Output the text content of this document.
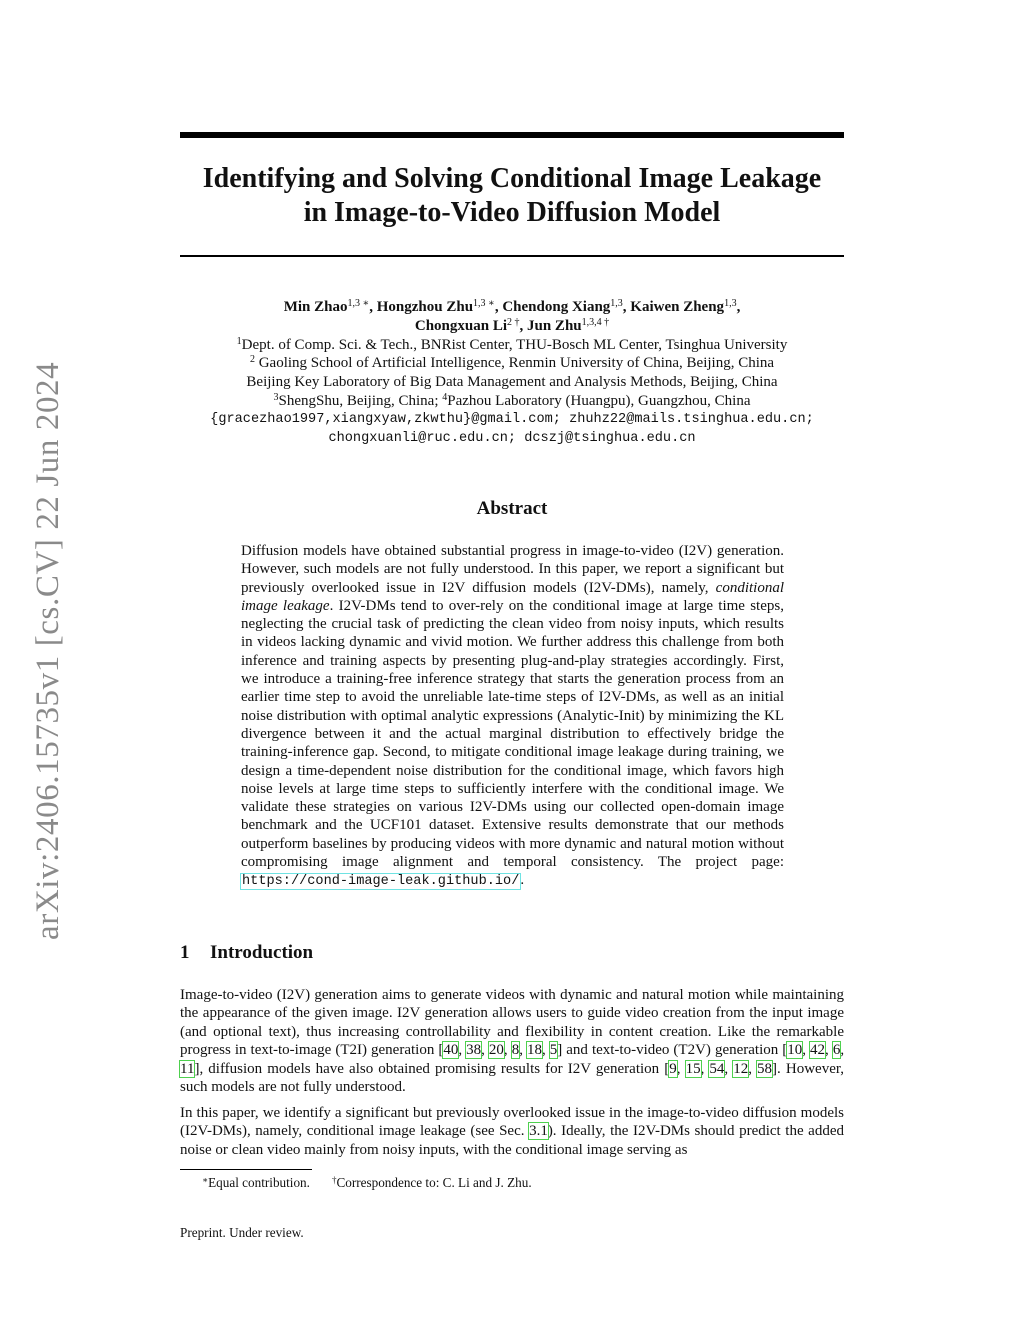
arXiv:2406.15735v1 [cs.CV] 22 Jun 2024
Identifying and Solving Conditional Image Leakage
in Image-to-Video Diffusion Model
Min Zhao$^{1,3 ∗}$, Hongzhou Zhu$^{1,3 ∗}$, Chendong Xiang$^{1,3}$, Kaiwen Zheng$^{1,3}$,
Chongxuan $Li^{2 \dagger}$, Jun Zhu$^{1,3,4 \dagger}$
$^1$Dept. of Comp. Sci. & Tech., BNRist Center, THU-Bosch ML Center, Tsinghua University
$^2$ Gaoling School of Artificial Intelligence, Renmin University of China, Beijing, China
Beijing Key Laboratory of Big Data Management and Analysis Methods, Beijing, China
$^3$ShengShu, Beijing, China; $^4$Pazhou Laboratory (Huangpu), Guangzhou, China
{gracezhao1997,xiangxyaw,zkwthu}@gmail.com; zhuhz22@mails.tsinghua.edu.cn;
chongxuanli@ruc.edu.cn; dcszj@tsinghua.edu.cn
Abstract

Diffusion models have obtained substantial progress in image-to-video (I2V) generation. However, such models are not fully understood. In this paper, we report a significant but previously overlooked issue in I2V diffusion models (I2V-DMs), namely, conditional image leakage. I2V-DMs tend to over-rely on the conditional image at large time steps, neglecting the crucial task of predicting the clean video from noisy inputs, which results in videos lacking dynamic and vivid motion. We further address this challenge from both inference and training aspects by presenting plug-and-play strategies accordingly. First, we introduce a training-free inference strategy that starts the generation process from an earlier time step to avoid the unreliable late-time steps of I2V-DMs, as well as an initial noise distribution with optimal analytic expressions (Analytic-Init) by minimizing the KL divergence between it and the actual marginal distribution to effectively bridge the training-inference gap. Second, to mitigate conditional image leakage during training, we design a time-dependent noise distribution for the conditional image, which favors high noise levels at large time steps to sufficiently interfere with the conditional image. We validate these strategies on various I2V-DMs using our collected open-domain image benchmark and the UCF101 dataset. Extensive results demonstrate that our methods outperform baselines by producing videos with more dynamic and natural motion without compromising image alignment and temporal consistency. The project page: https://cond-image-leak.github.io/.

1 Introduction

Image-to-video (I2V) generation aims to generate videos with dynamic and natural motion while maintaining the appearance of the given image. I2V generation allows users to guide video creation from the input image (and optional text), thus increasing controllability and flexibility in content creation. Like the remarkable progress in text-to-image (T2I) generation [40, 38, 20, 8, 18, 5] and text-to-video (T2V) generation [10, 42, 6, 11], diffusion models have also obtained promising results for I2V generation [9, 15, 54, 12, 58]. However, such models are not fully understood.

In this paper, we identify a significant but previously overlooked issue in the image-to-video diffusion models (I2V-DMs), namely, conditional image leakage (see Sec. 3.1). Ideally, the I2V-DMs should predict the added noise or clean video mainly from noisy inputs, with the conditional image serving as

∗Equal contribution. †Correspondence to: C. Li and J. Zhu.
Preprint. Under review.
